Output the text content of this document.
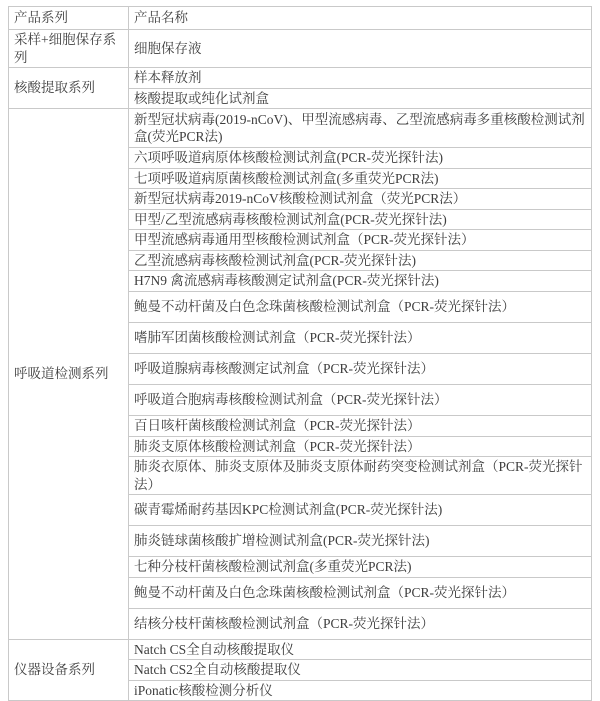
产品系列	产品名称
采样+细胞保存系列	细胞保存液
核酸提取系列	样本释放剂
	核酸提取或纯化试剂盒
呼吸道检测系列	新型冠状病毒(2019-nCoV)、甲型流感病毒、乙型流感病毒多重核酸检测试剂盒(荧光PCR法)
	六项呼吸道病原体核酸检测试剂盒(PCR-荧光探针法)
	七项呼吸道病原菌核酸检测试剂盒(多重荧光PCR法)
	新型冠状病毒2019-nCoV核酸检测试剂盒（荧光PCR法）
	甲型/乙型流感病毒核酸检测试剂盒(PCR-荧光探针法)
	甲型流感病毒通用型核酸检测试剂盒（PCR-荧光探针法）
	乙型流感病毒核酸检测试剂盒(PCR-荧光探针法)
	H7N9 禽流感病毒核酸测定试剂盒(PCR-荧光探针法)
	鲍曼不动杆菌及白色念珠菌核酸检测试剂盒（PCR-荧光探针法）
	嗜肺军团菌核酸检测试剂盒（PCR-荧光探针法）
	呼吸道腺病毒核酸测定试剂盒（PCR-荧光探针法）
	呼吸道合胞病毒核酸检测试剂盒（PCR-荧光探针法）
	百日咳杆菌核酸检测试剂盒（PCR-荧光探针法）
	肺炎支原体核酸检测试剂盒（PCR-荧光探针法）
	肺炎衣原体、肺炎支原体及肺炎支原体耐药突变检测试剂盒（PCR-荧光探针法）
	碳青霉烯耐药基因KPC检测试剂盒(PCR-荧光探针法)
	肺炎链球菌核酸扩增检测试剂盒(PCR-荧光探针法)
	七种分枝杆菌核酸检测试剂盒(多重荧光PCR法)
	鲍曼不动杆菌及白色念珠菌核酸检测试剂盒（PCR-荧光探针法）
	结核分枝杆菌核酸检测试剂盒（PCR-荧光探针法）
仪器设备系列	Natch CS全自动核酸提取仪
	Natch CS2全自动核酸提取仪
	iPonatic核酸检测分析仪
